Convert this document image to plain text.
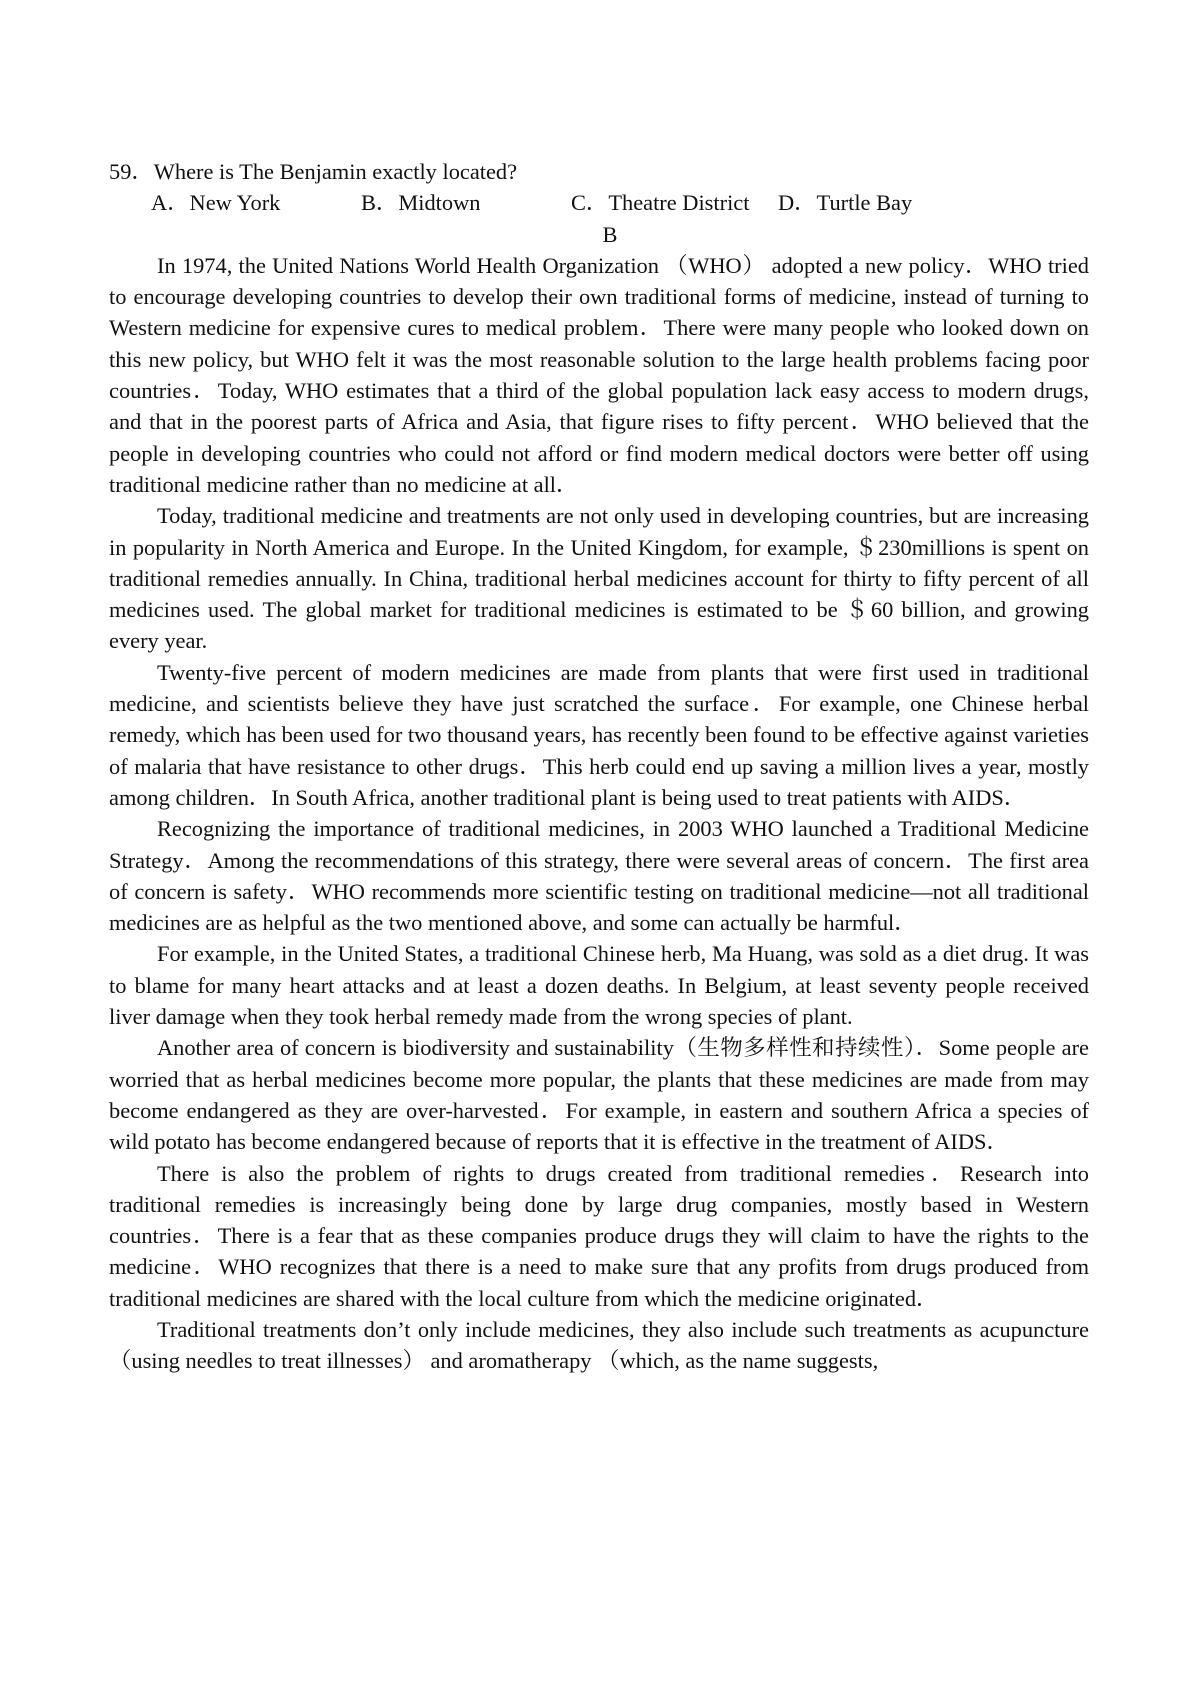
59．Where is The Benjamin exactly located?

A．New York	B．Midtown	C．Theatre District	D．Turtle Bay

B

In 1974, the United Nations World Health Organization （WHO） adopted a new policy．WHO tried to encourage developing countries to develop their own traditional forms of medicine, instead of turning to Western medicine for expensive cures to medical problem．There were many people who looked down on this new policy, but WHO felt it was the most reasonable solution to the large health problems facing poor countries．Today, WHO estimates that a third of the global population lack easy access to modern drugs, and that in the poorest parts of Africa and Asia, that figure rises to fifty percent．WHO believed that the people in developing countries who could not afford or find modern medical doctors were better off using traditional medicine rather than no medicine at all．

Today, traditional medicine and treatments are not only used in developing countries, but are increasing in popularity in North America and Europe. In the United Kingdom, for example, ＄230millions is spent on traditional remedies annually. In China, traditional herbal medicines account for thirty to fifty percent of all medicines used. The global market for traditional medicines is estimated to be ＄60 billion, and growing every year.

Twenty-five percent of modern medicines are made from plants that were first used in traditional medicine, and scientists believe they have just scratched the surface．For example, one Chinese herbal remedy, which has been used for two thousand years, has recently been found to be effective against varieties of malaria that have resistance to other drugs．This herb could end up saving a million lives a year, mostly among children．In South Africa, another traditional plant is being used to treat patients with AIDS．

Recognizing the importance of traditional medicines, in 2003 WHO launched a Traditional Medicine Strategy．Among the recommendations of this strategy, there were several areas of concern．The first area of concern is safety．WHO recommends more scientific testing on traditional medicine—not all traditional medicines are as helpful as the two mentioned above, and some can actually be harmful．

For example, in the United States, a traditional Chinese herb, Ma Huang, was sold as a diet drug. It was to blame for many heart attacks and at least a dozen deaths. In Belgium, at least seventy people received liver damage when they took herbal remedy made from the wrong species of plant.

Another area of concern is biodiversity and sustainability（生物多样性和持续性）．Some people are worried that as herbal medicines become more popular, the plants that these medicines are made from may become endangered as they are over-harvested．For example, in eastern and southern Africa a species of wild potato has become endangered because of reports that it is effective in the treatment of AIDS．

There is also the problem of rights to drugs created from traditional remedies．Research into traditional remedies is increasingly being done by large drug companies, mostly based in Western countries．There is a fear that as these companies produce drugs they will claim to have the rights to the medicine．WHO recognizes that there is a need to make sure that any profits from drugs produced from traditional medicines are shared with the local culture from which the medicine originated．

Traditional treatments don’t only include medicines, they also include such treatments as acupuncture（using needles to treat illnesses） and aromatherapy （which, as the name suggests,
